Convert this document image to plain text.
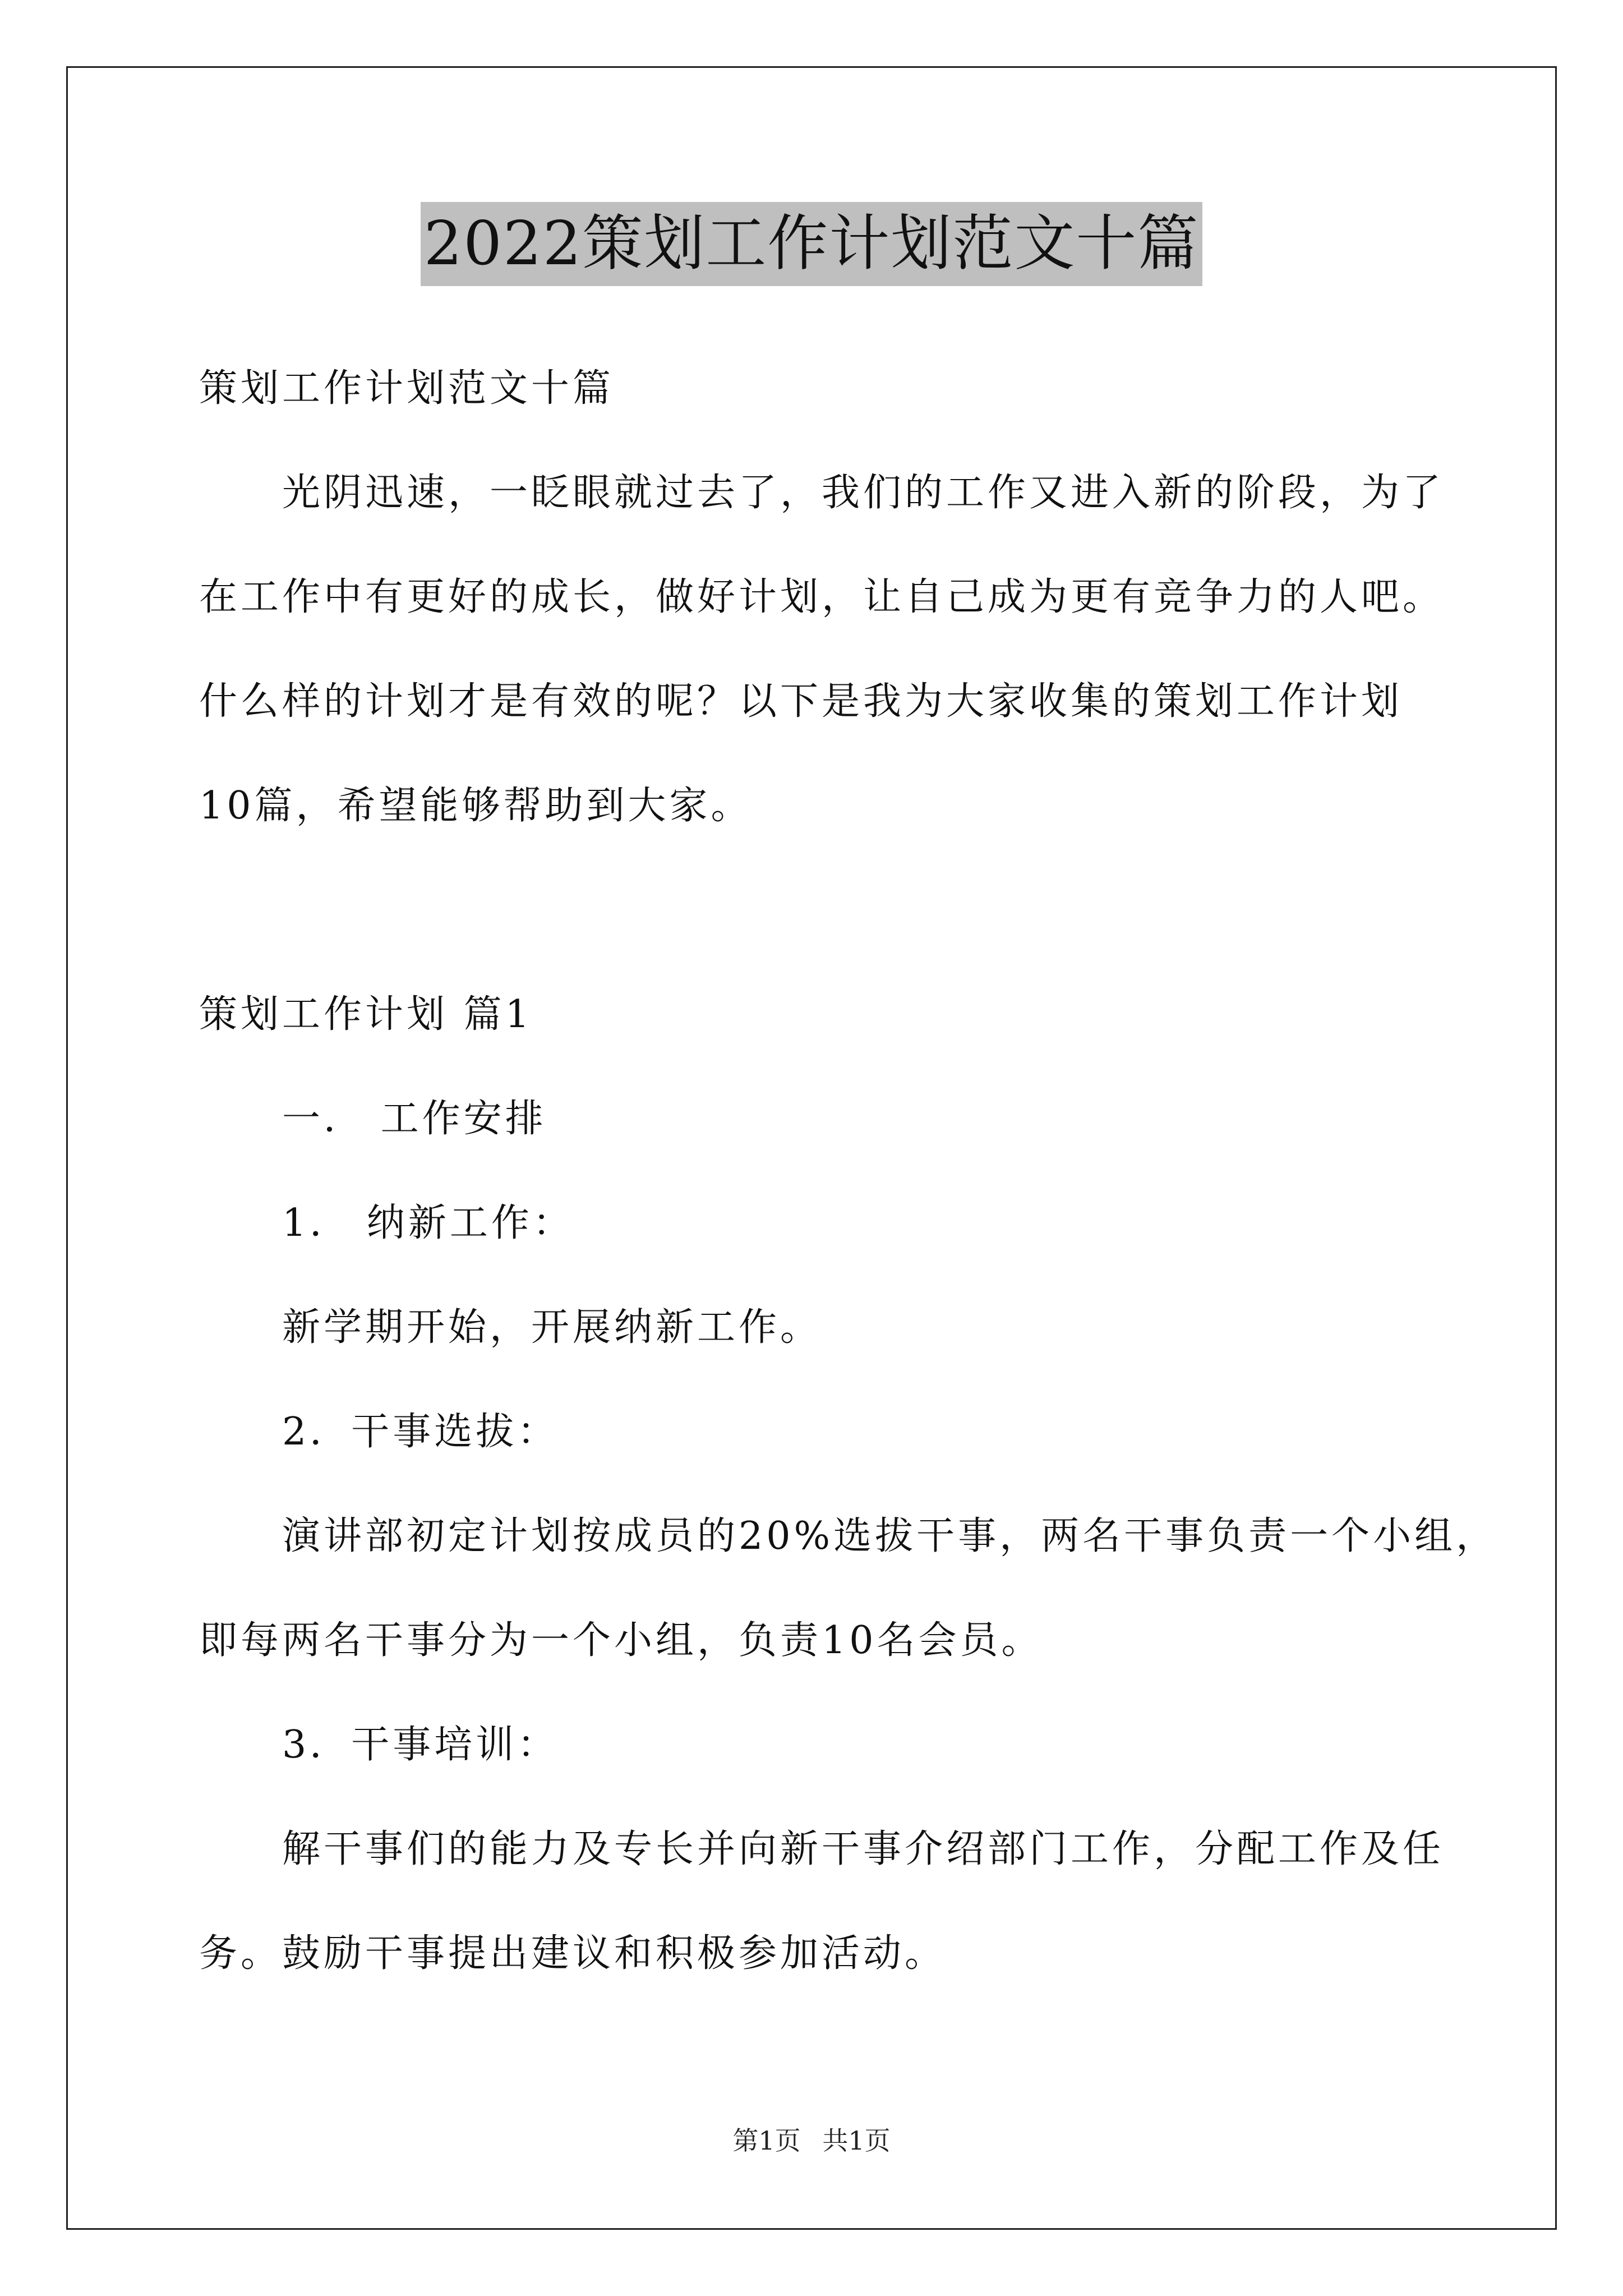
2022策划工作计划范文十篇
策划工作计划范文十篇
光阴迅速，一眨眼就过去了，我们的工作又进入新的阶段，为了
在工作中有更好的成长，做好计划，让自己成为更有竞争力的人吧。
什么样的计划才是有效的呢？以下是我为大家收集的策划工作计划
10篇，希望能够帮助到大家。
策划工作计划 篇1
一． 工作安排
1． 纳新工作：
新学期开始，开展纳新工作。
2．干事选拔：
演讲部初定计划按成员的20%选拔干事，两名干事负责一个小组，
即每两名干事分为一个小组，负责10名会员。
3．干事培训：
解干事们的能力及专长并向新干事介绍部门工作，分配工作及任
务。鼓励干事提出建议和积极参加活动。
第1页 共1页
